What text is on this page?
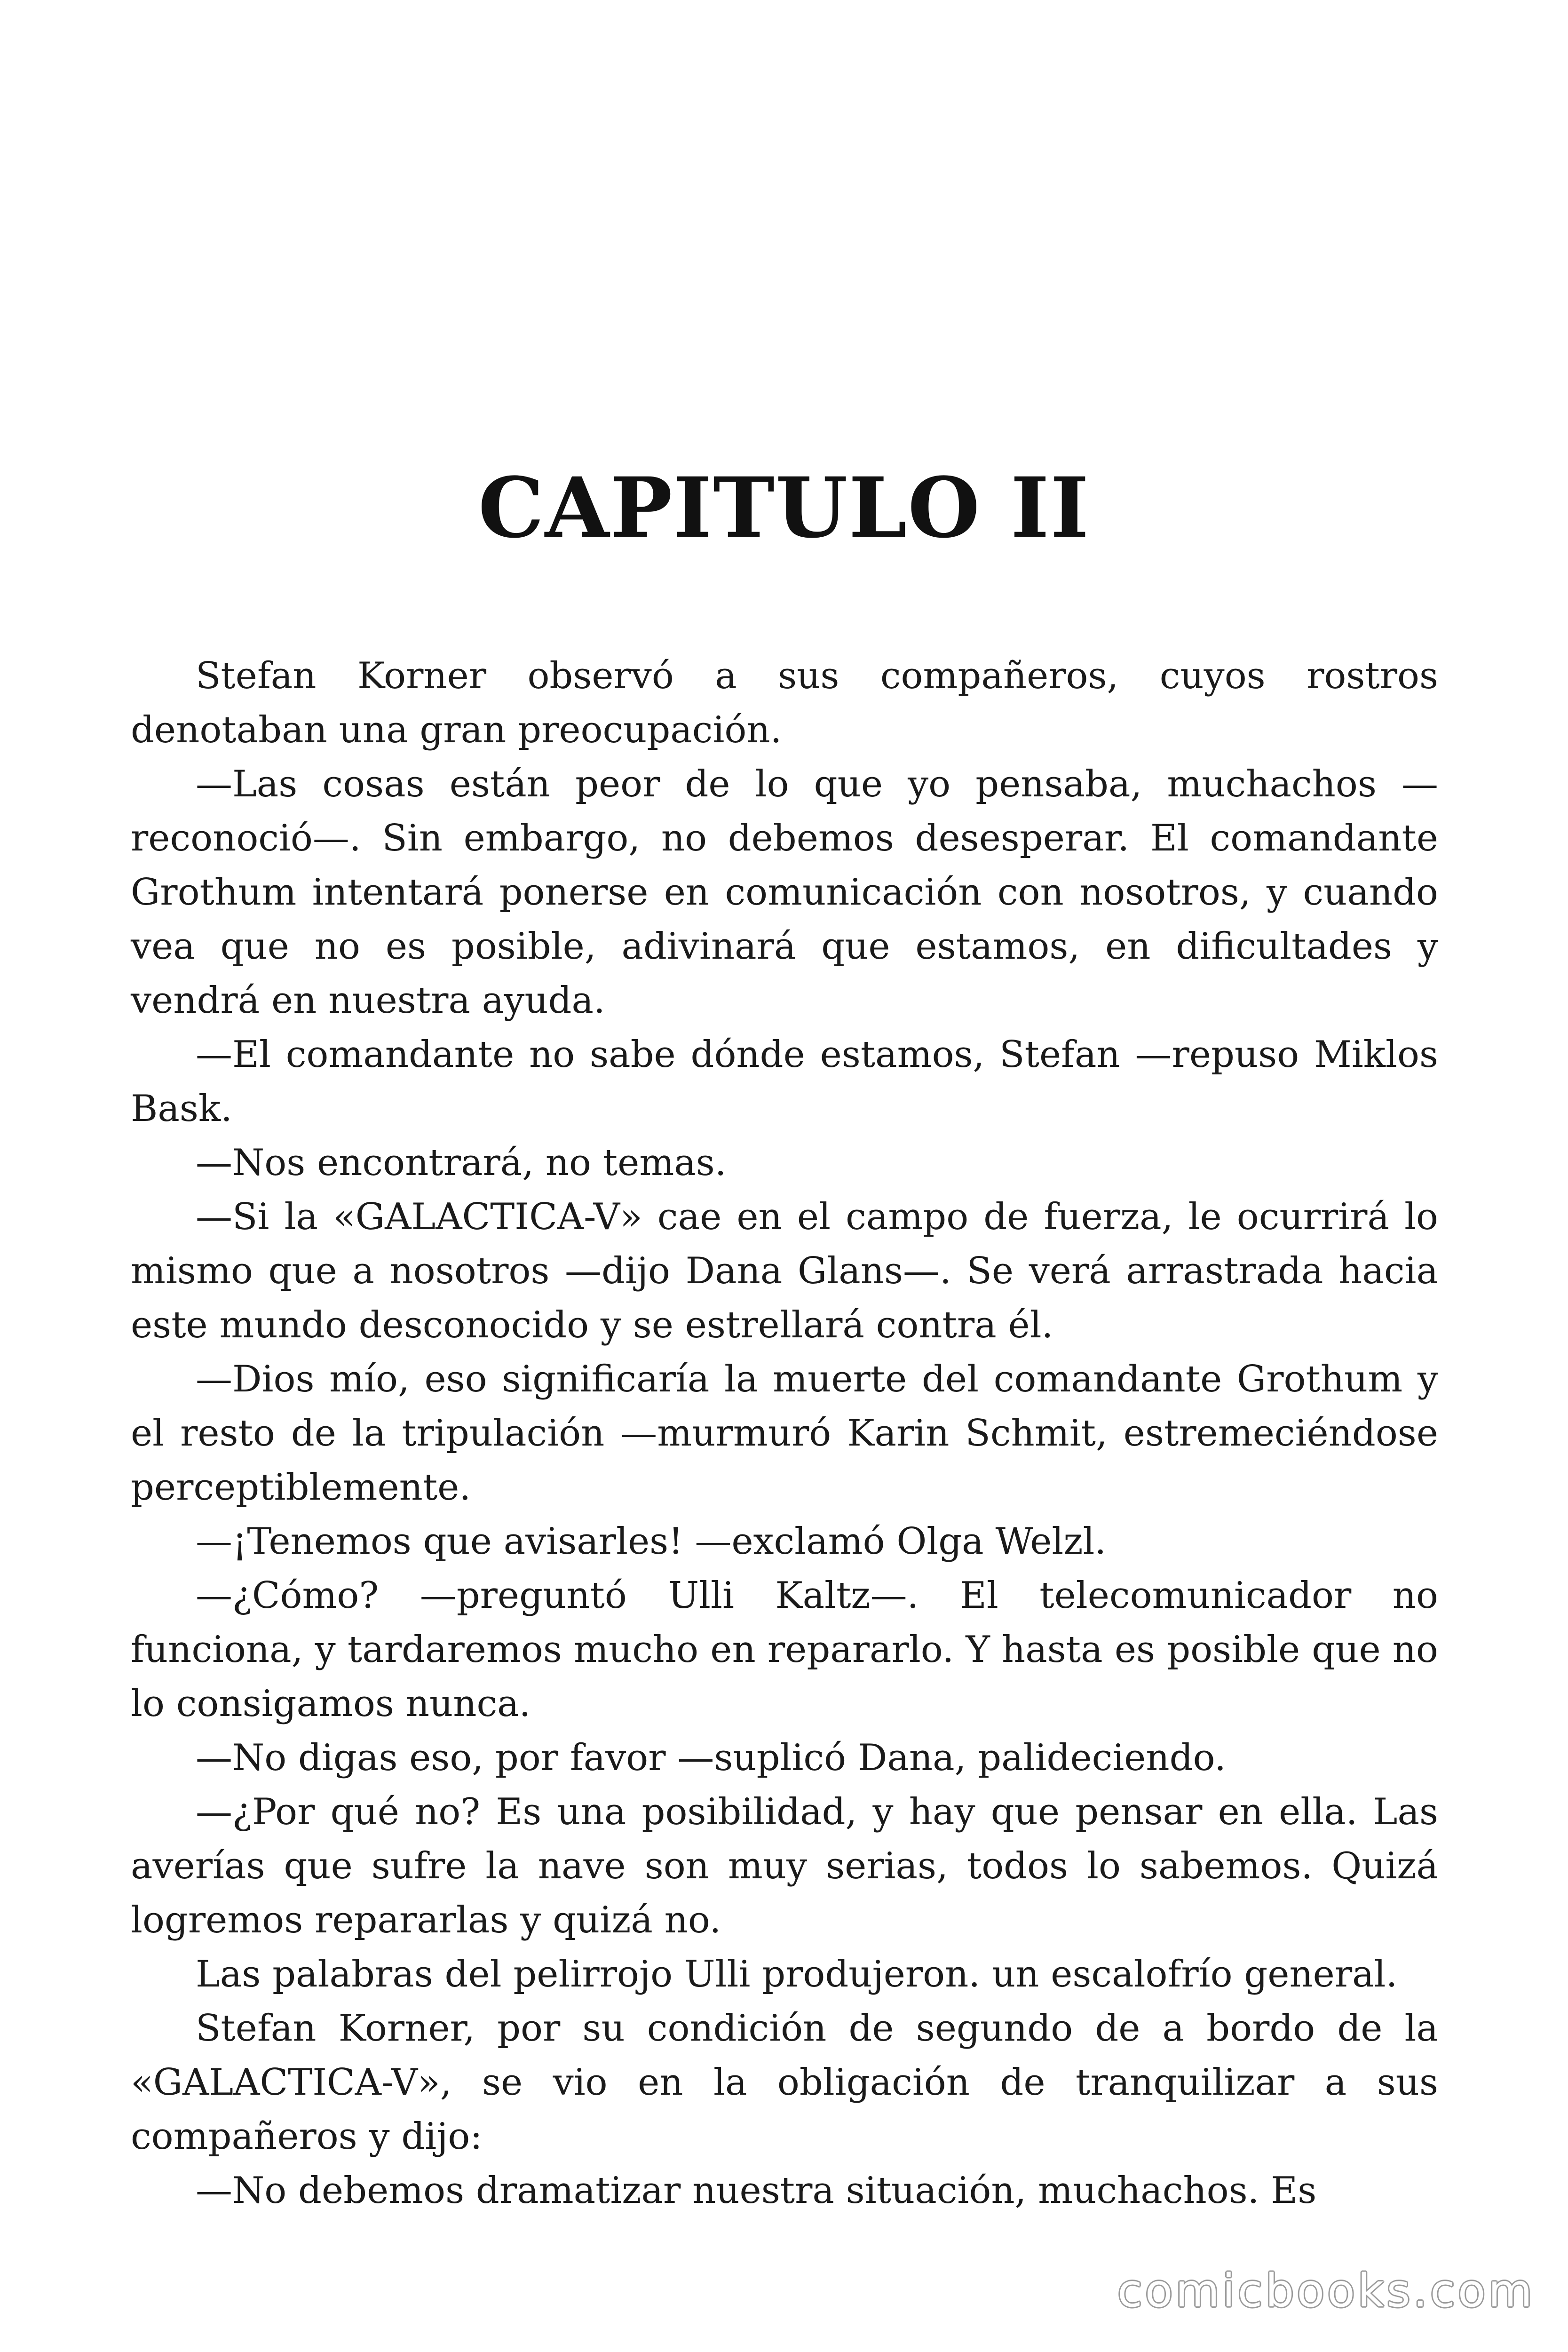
CAPITULO II

Stefan Korner observó a sus compañeros, cuyos rostros denotaban una gran preocupación.

—Las cosas están peor de lo que yo pensaba, muchachos —reconoció—. Sin embargo, no debemos desesperar. El comandante Grothum intentará ponerse en comunicación con nosotros, y cuando vea que no es posible, adivinará que estamos, en dificultades y vendrá en nuestra ayuda.

—El comandante no sabe dónde estamos, Stefan —repuso Miklos Bask.

—Nos encontrará, no temas.

—Si la «GALACTICA-V» cae en el campo de fuerza, le ocurrirá lo mismo que a nosotros —dijo Dana Glans—. Se verá arrastrada hacia este mundo desconocido y se estrellará contra él.

—Dios mío, eso significaría la muerte del comandante Grothum y el resto de la tripulación —murmuró Karin Schmit, estremeciéndose perceptiblemente.

—¡Tenemos que avisarles! —exclamó Olga Welzl.

—¿Cómo? —preguntó Ulli Kaltz—. El telecomunicador no funciona, y tardaremos mucho en repararlo. Y hasta es posible que no lo consigamos nunca.

—No digas eso, por favor —suplicó Dana, palideciendo.

—¿Por qué no? Es una posibilidad, y hay que pensar en ella. Las averías que sufre la nave son muy serias, todos lo sabemos. Quizá logremos repararlas y quizá no.

Las palabras del pelirrojo Ulli produjeron. un escalofrío general.

Stefan Korner, por su condición de segundo de a bordo de la «GALACTICA-V», se vio en la obligación de tranquilizar a sus compañeros y dijo:

—No debemos dramatizar nuestra situación, muchachos. Es

comicbooks.com
